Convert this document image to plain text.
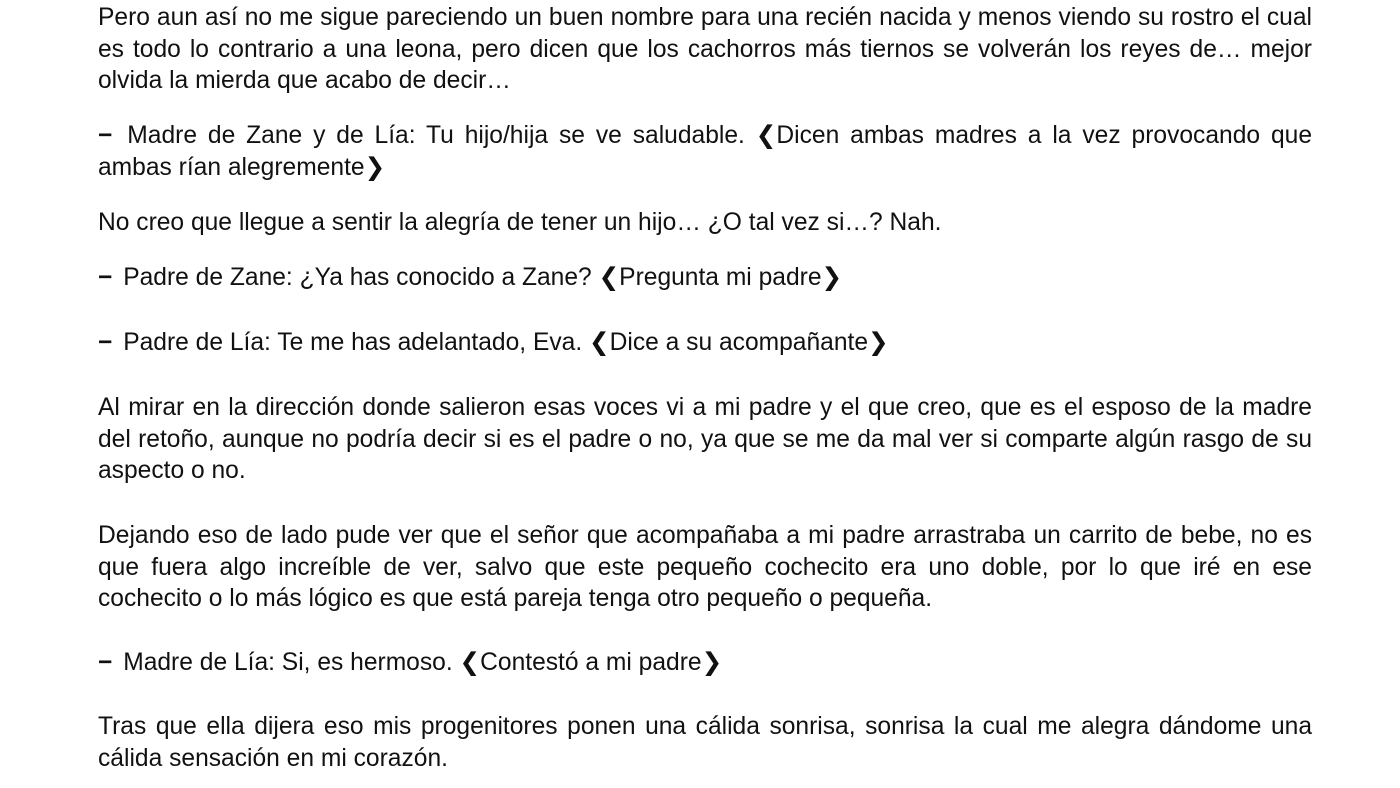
Pero aun así no me sigue pareciendo un buen nombre para una recién nacida y menos viendo su rostro el cual es todo lo contrario a una leona, pero dicen que los cachorros más tiernos se volverán los reyes de… mejor olvida la mierda que acabo de decir…

− Madre de Zane y de Lía: Tu hijo/hija se ve saludable. ❮Dicen ambas madres a la vez provocando que ambas rían alegremente❯

No creo que llegue a sentir la alegría de tener un hijo… ¿O tal vez si…? Nah.

− Padre de Zane: ¿Ya has conocido a Zane? ❮Pregunta mi padre❯

− Padre de Lía: Te me has adelantado, Eva. ❮Dice a su acompañante❯

Al mirar en la dirección donde salieron esas voces vi a mi padre y el que creo, que es el esposo de la madre del retoño, aunque no podría decir si es el padre o no, ya que se me da mal ver si comparte algún rasgo de su aspecto o no.

Dejando eso de lado pude ver que el señor que acompañaba a mi padre arrastraba un carrito de bebe, no es que fuera algo increíble de ver, salvo que este pequeño cochecito era uno doble, por lo que iré en ese cochecito o lo más lógico es que está pareja tenga otro pequeño o pequeña.

− Madre de Lía: Si, es hermoso. ❮Contestó a mi padre❯

Tras que ella dijera eso mis progenitores ponen una cálida sonrisa, sonrisa la cual me alegra dándome una cálida sensación en mi corazón.
